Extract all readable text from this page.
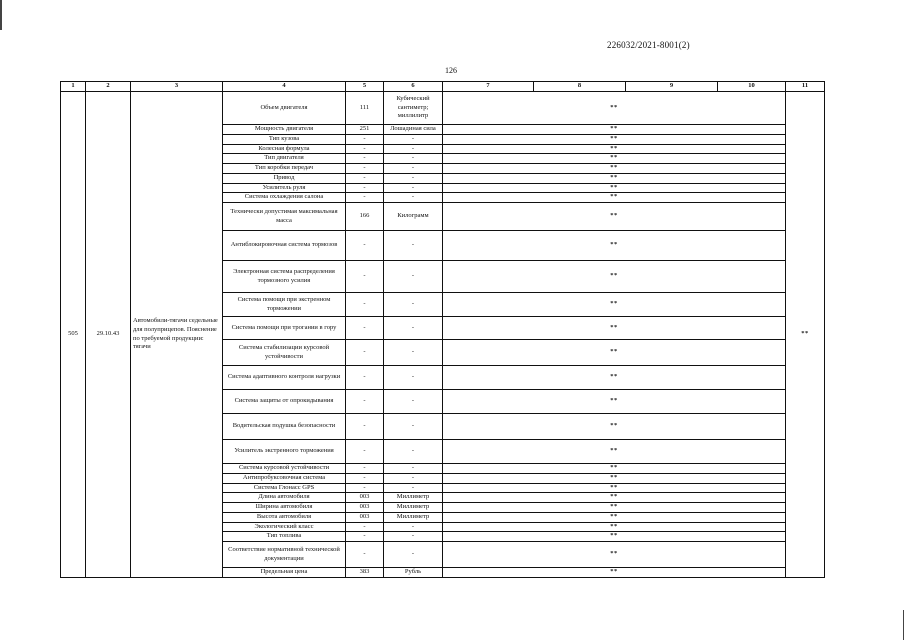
226032/2021-8001(2)
126
1	2	3	4	5	6	7	8	9	10	11
505	29.10.43	Автомобили-тягачи седельные для полуприцепов. Пояснение по требуемой продукции: тягачи	Объем двигателя	111	Кубический сантиметр; миллилитр	**				**
			Мощность двигателя	251	Лошадиная сила	**				
			Тип кузова	-	-	**				
			Колесная формула	-	-	**				
			Тип двигателя	-	-	**				
			Тип коробки передач	-	-	**				
			Привод	-	-	**				
			Усилитель руля	-	-	**				
			Система охлаждения салона	-	-	**				
			Технически допустимая максимальная масса	166	Килограмм	**				
			Антиблокировочная система тормозов	-	-	**				
			Электронная система распределения тормозного усилия	-	-	**				
			Система помощи при экстренном торможении	-	-	**				
			Система помощи при трогании в гору	-	-	**				
			Система стабилизации курсовой устойчивости	-	-	**				
			Система адаптивного контроля нагрузки	-	-	**				
			Система защиты от опрокидывания	-	-	**				
			Водительская подушка безопасности	-	-	**				
			Усилитель экстренного торможения	-	-	**				
			Система курсовой устойчивости	-	-	**				
			Антипробуксовочная система	-	-	**				
			Система Глонасс GPS	-	-	**				
			Длина автомобиля	003	Миллиметр	**				
			Ширина автомобиля	003	Миллиметр	**				
			Высота автомобиля	003	Миллиметр	**				
			Экологический класс	-	-	**				
			Тип топлива	-	-	**				
			Соответствие нормативной технической документации	-	-	**				
			Предельная цена	383	Рубль	**				
